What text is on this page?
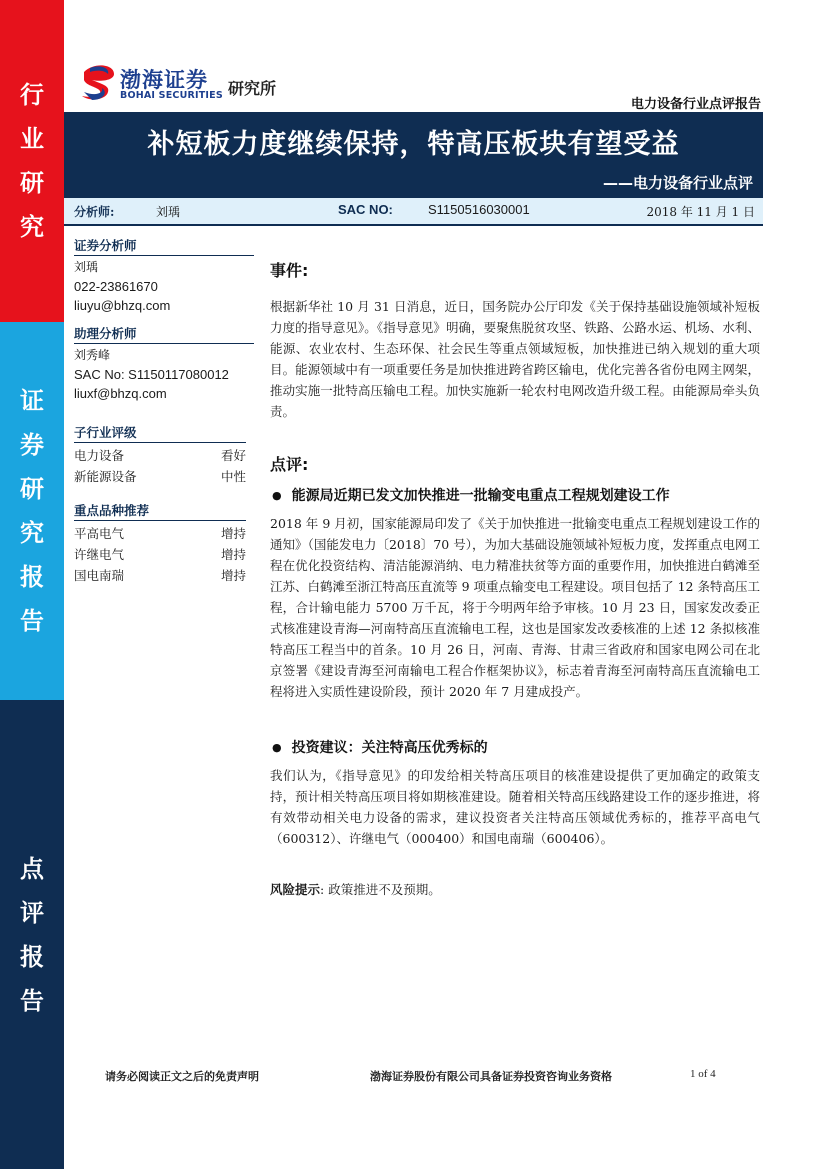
行
业
研
究
证
券
研
究
报
告
点
评
报
告
渤海证券
BOHAI SECURITIES 研究所
电力设备行业点评报告
补短板力度继续保持，特高压板块有望受益
——电力设备行业点评
分析师:	刘瑀	SAC NO:	S1150516030001	2018 年 11 月 1 日
证券分析师

刘瑀

022-23861670

liuyu@bhzq.com

助理分析师

刘秀峰

SAC No: S1150117080012

liuxf@bhzq.com

子行业评级
电力设备	看好
新能源设备	中性
重点品种推荐
平高电气	增持
许继电气	增持
国电南瑞	增持
事件:

根据新华社 10 月 31 日消息，近日，国务院办公厅印发《关于保持基础设施领域补短板力度的指导意见》。《指导意见》明确，要聚焦脱贫攻坚、铁路、公路水运、机场、水利、能源、农业农村、生态环保、社会民生等重点领域短板，加快推进已纳入规划的重大项目。能源领域中有一项重要任务是加快推进跨省跨区输电，优化完善各省份电网主网架，推动实施一批特高压输电工程。加快实施新一轮农村电网改造升级工程。由能源局牵头负责。

点评:
● 能源局近期已发文加快推进一批输变电重点工程规划建设工作

2018 年 9 月初，国家能源局印发了《关于加快推进一批输变电重点工程规划建设工作的通知》（国能发电力〔2018〕70 号），为加大基础设施领域补短板力度，发挥重点电网工程在优化投资结构、清洁能源消纳、电力精准扶贫等方面的重要作用，加快推进白鹤滩至江苏、白鹤滩至浙江特高压直流等 9 项重点输变电工程建设。项目包括了 12 条特高压工程，合计输电能力 5700 万千瓦，将于今明两年给予审核。10 月 23 日，国家发改委正式核准建设青海—河南特高压直流输电工程，这也是国家发改委核准的上述 12 条拟核准特高压工程当中的首条。10 月 26 日，河南、青海、甘肃三省政府和国家电网公司在北京签署《建设青海至河南输电工程合作框架协议》，标志着青海至河南特高压直流输电工程将进入实质性建设阶段，预计 2020 年 7 月建成投产。

● 投资建议：关注特高压优秀标的

我们认为，《指导意见》的印发给相关特高压项目的核准建设提供了更加确定的政策支持，预计相关特高压项目将如期核准建设。随着相关特高压线路建设工作的逐步推进，将有效带动相关电力设备的需求，建议投资者关注特高压领域优秀标的，推荐平高电气（600312）、许继电气（000400）和国电南瑞（600406）。

风险提示: 政策推进不及预期。
请务必阅读正文之后的免责声明	渤海证券股份有限公司具备证券投资咨询业务资格	1 of 4
